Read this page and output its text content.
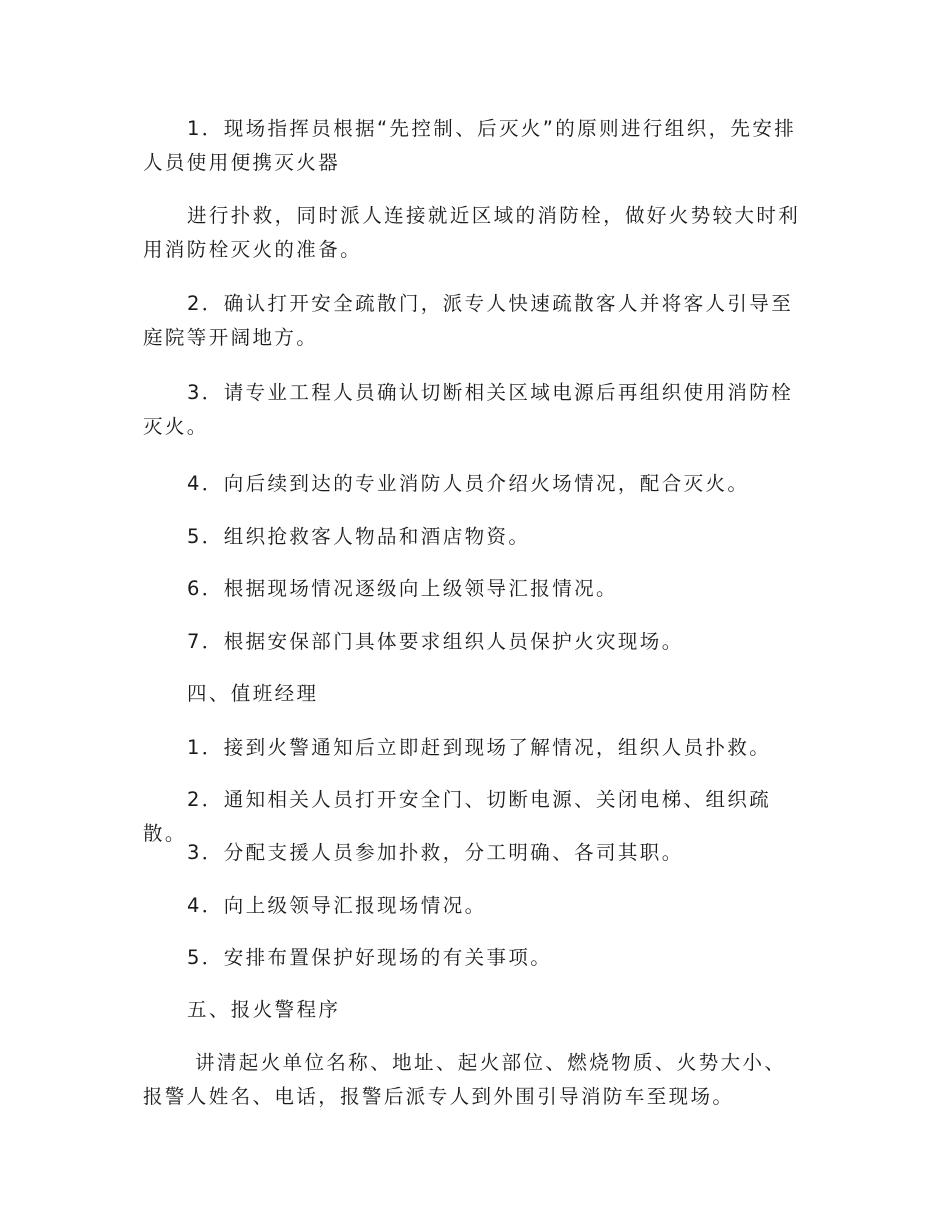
1．现场指挥员根据“先控制、后灭火”的原则进行组织，先安排人员使用便携灭火器

进行扑救，同时派人连接就近区域的消防栓，做好火势较大时利用消防栓灭火的准备。

2．确认打开安全疏散门，派专人快速疏散客人并将客人引导至庭院等开阔地方。

3．请专业工程人员确认切断相关区域电源后再组织使用消防栓灭火。

4．向后续到达的专业消防人员介绍火场情况，配合灭火。

5．组织抢救客人物品和酒店物资。

6．根据现场情况逐级向上级领导汇报情况。

7．根据安保部门具体要求组织人员保护火灾现场。

四、值班经理

1．接到火警通知后立即赶到现场了解情况，组织人员扑救。

2．通知相关人员打开安全门、切断电源、关闭电梯、组织疏散。

3．分配支援人员参加扑救，分工明确、各司其职。

4．向上级领导汇报现场情况。

5．安排布置保护好现场的有关事项。

五、报火警程序

讲清起火单位名称、地址、起火部位、燃烧物质、火势大小、报警人姓名、电话，报警后派专人到外围引导消防车至现场。
